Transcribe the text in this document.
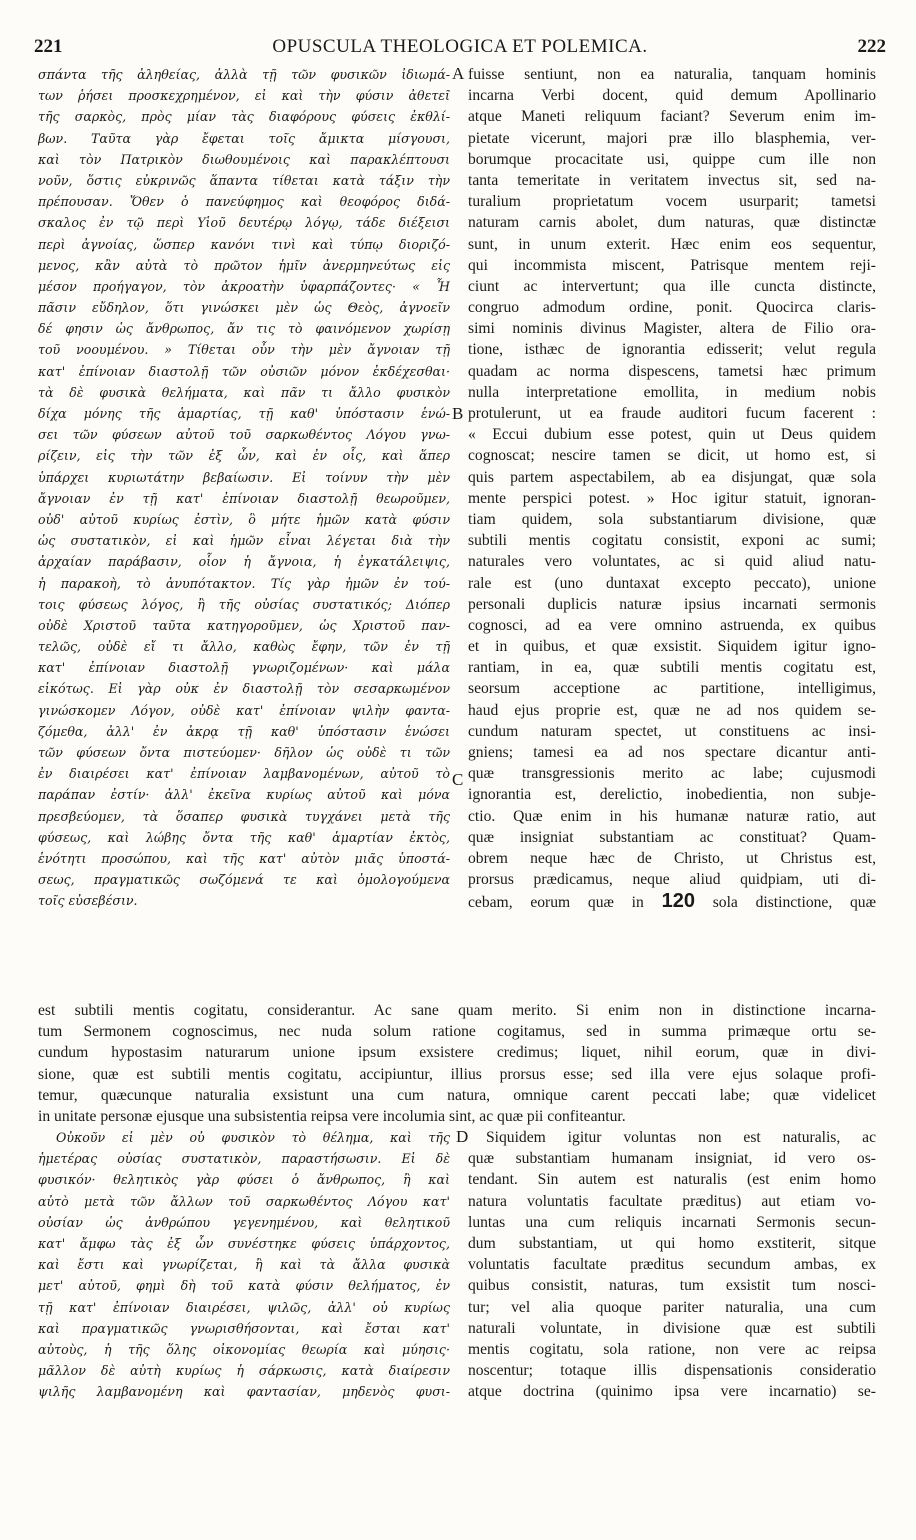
221	OPUSCULA THEOLOGICA ET POLEMICA.	222
A
B
C
D
σπάντα τῆς ἀληθείας, ἀλλὰ τῇ τῶν φυσικῶν ἰδιωμά-
των ῥήσει προσκεχρημένον, εἰ καὶ τὴν φύσιν ἀθετεῖ
τῆς σαρκὸς, πρὸς μίαν τὰς διαφόρους φύσεις ἐκθλί-
βων. Ταῦτα γὰρ ἔφεται τοῖς ἄμικτα μίσγουσι,
καὶ τὸν Πατρικὸν διωθουμένοις καὶ παρακλέπτουσι
νοῦν, ὅστις εὐκρινῶς ἅπαντα τίθεται κατὰ τάξιν τὴν
πρέπουσαν. Ὅθεν ὁ πανεύφημος καὶ θεοφόρος διδά-
σκαλος ἐν τῷ περὶ Υἱοῦ δευτέρῳ λόγῳ, τάδε διέξεισι
περὶ ἀγνοίας, ὥσπερ κανόνι τινὶ καὶ τύπῳ διοριζό-
μενος, κἂν αὐτὰ τὸ πρῶτον ἡμῖν ἀνερμηνεύτως εἰς
μέσον προήγαγον, τὸν ἀκροατὴν ὑφαρπάζοντες· « Ἦ
πᾶσιν εὔδηλον, ὅτι γινώσκει μὲν ὡς Θεὸς, ἀγνοεῖν
δέ φησιν ὡς ἄνθρωπος, ἄν τις τὸ φαινόμενον χωρίσῃ
τοῦ νοουμένου. » Τίθεται οὖν τὴν μὲν ἄγνοιαν τῇ
κατ' ἐπίνοιαν διαστολῇ τῶν οὐσιῶν μόνον ἐκδέχεσθαι·
τὰ δὲ φυσικὰ θελήματα, καὶ πᾶν τι ἄλλο φυσικὸν
δίχα μόνης τῆς ἁμαρτίας, τῇ καθ' ὑπόστασιν ἑνώ-
σει τῶν φύσεων αὐτοῦ τοῦ σαρκωθέντος Λόγου γνω-
ρίζειν, εἰς τὴν τῶν ἐξ ὧν, καὶ ἐν οἷς, καὶ ἅπερ
ὑπάρχει κυριωτάτην βεβαίωσιν. Εἰ τοίνυν τὴν μὲν
ἄγνοιαν ἐν τῇ κατ' ἐπίνοιαν διαστολῇ θεωροῦμεν,
οὐδ' αὐτοῦ κυρίως ἐστὶν, ὃ μήτε ἡμῶν κατὰ φύσιν
ὡς συστατικὸν, εἰ καὶ ἡμῶν εἶναι λέγεται διὰ τὴν
ἀρχαίαν παράβασιν, οἷον ἡ ἄγνοια, ἡ ἐγκατάλειψις,
ἡ παρακοὴ, τὸ ἀνυπότακτον. Τίς γὰρ ἡμῶν ἐν τού-
τοις φύσεως λόγος, ἢ τῆς οὐσίας συστατικός; Διόπερ
οὐδὲ Χριστοῦ ταῦτα κατηγοροῦμεν, ὡς Χριστοῦ παν-
τελῶς, οὐδὲ εἴ τι ἄλλο, καθὼς ἔφην, τῶν ἐν τῇ
κατ' ἐπίνοιαν διαστολῇ γνωριζομένων· καὶ μάλα
εἰκότως. Εἰ γὰρ οὐκ ἐν διαστολῇ τὸν σεσαρκωμένον
γινώσκομεν Λόγον, οὐδὲ κατ' ἐπίνοιαν ψιλὴν φαντα-
ζόμεθα, ἀλλ' ἐν ἀκρᾳ τῇ καθ' ὑπόστασιν ἑνώσει
τῶν φύσεων ὄντα πιστεύομεν· δῆλον ὡς οὐδὲ τι τῶν
ἐν διαιρέσει κατ' ἐπίνοιαν λαμβανομένων, αὐτοῦ τὸ
παράπαν ἐστίν· ἀλλ' ἐκεῖνα κυρίως αὐτοῦ καὶ μόνα
πρεσβεύομεν, τὰ ὅσαπερ φυσικὰ τυγχάνει μετὰ τῆς
φύσεως, καὶ λώβης ὄντα τῆς καθ' ἁμαρτίαν ἐκτὸς,
ἑνότητι προσώπου, καὶ τῆς κατ' αὐτὸν μιᾶς ὑποστά-
σεως, πραγματικῶς σωζόμενά τε καὶ ὁμολογούμενα
τοῖς εὐσεβέσιν.
fuisse sentiunt, non ea naturalia, tanquam hominis
incarna Verbi docent, quid demum Apollinario
atque Maneti reliquum faciant? Severum enim im-
pietate vicerunt, majori præ illo blasphemia, ver-
borumque procacitate usi, quippe cum ille non
tanta temeritate in veritatem invectus sit, sed na-
turalium proprietatum vocem usurparit; tametsi
naturam carnis abolet, dum naturas, quæ distinctæ
sunt, in unum exterit. Hæc enim eos sequentur,
qui incommista miscent, Patrisque mentem reji-
ciunt ac intervertunt; qua ille cuncta distincte,
congruo admodum ordine, ponit. Quocirca claris-
simi nominis divinus Magister, altera de Filio ora-
tione, isthæc de ignorantia edisserit; velut regula
quadam ac norma dispescens, tametsi hæc primum
nulla interpretatione emollita, in medium nobis
protulerunt, ut ea fraude auditori fucum facerent :
« Eccui dubium esse potest, quin ut Deus quidem
cognoscat; nescire tamen se dicit, ut homo est, si
quis partem aspectabilem, ab ea disjungat, quæ sola
mente perspici potest. » Hoc igitur statuit, ignoran-
tiam quidem, sola substantiarum divisione, quæ
subtili mentis cogitatu consistit, exponi ac sumi;
naturales vero voluntates, ac si quid aliud natu-
rale est (uno duntaxat excepto peccato), unione
personali duplicis naturæ ipsius incarnati sermonis
cognosci, ad ea vere omnino astruenda, ex quibus
et in quibus, et quæ exsistit. Siquidem igitur igno-
rantiam, in ea, quæ subtili mentis cogitatu est,
seorsum acceptione ac partitione, intelligimus,
haud ejus proprie est, quæ ne ad nos quidem se-
cundum naturam spectet, ut constituens ac insi-
gniens; tamesi ea ad nos spectare dicantur anti-
quæ transgressionis merito ac labe; cujusmodi
ignorantia est, derelictio, inobedientia, non subje-
ctio. Quæ enim in his humanæ naturæ ratio, aut
quæ insigniat substantiam ac constituat? Quam-
obrem neque hæc de Christo, ut Christus est,
prorsus prædicamus, neque aliud quidpiam, uti di-
cebam, eorum quæ in 120 sola distinctione, quæ
est subtili mentis cogitatu, considerantur. Ac sane quam merito. Si enim non in distinctione incarna-
tum Sermonem cognoscimus, nec nuda solum ratione cogitamus, sed in summa primæque ortu se-
cundum hypostasim naturarum unione ipsum exsistere credimus; liquet, nihil eorum, quæ in divi-
sione, quæ est subtili mentis cogitatu, accipiuntur, illius prorsus esse; sed illa vere ejus solaque profi-
temur, quæcunque naturalia exsistunt una cum natura, omnique carent peccati labe; quæ videlicet
in unitate personæ ejusque una subsistentia reipsa vere incolumia sint, ac quæ pii confiteantur.
Οὐκοῦν εἰ μὲν οὐ φυσικὸν τὸ θέλημα, καὶ τῆς
ἡμετέρας οὐσίας συστατικὸν, παραστήσωσιν. Εἰ δὲ
φυσικόν· θελητικὸς γὰρ φύσει ὁ ἄνθρωπος, ἢ καὶ
αὐτὸ μετὰ τῶν ἄλλων τοῦ σαρκωθέντος Λόγου κατ'
οὐσίαν ὡς ἀνθρώπου γεγενημένου, καὶ θελητικοῦ
κατ' ἄμφω τὰς ἐξ ὧν συνέστηκε φύσεις ὑπάρχοντος,
καὶ ἔστι καὶ γνωρίζεται, ἢ καὶ τὰ ἄλλα φυσικὰ
μετ' αὐτοῦ, φημὶ δὴ τοῦ κατὰ φύσιν θελήματος, ἐν
τῇ κατ' ἐπίνοιαν διαιρέσει, ψιλῶς, ἀλλ' οὐ κυρίως
καὶ πραγματικῶς γνωρισθήσονται, καὶ ἔσται κατ'
αὐτοὺς, ἡ τῆς ὅλης οἰκονομίας θεωρία καὶ μύησις·
μᾶλλον δὲ αὐτὴ κυρίως ἡ σάρκωσις, κατὰ διαίρεσιν
ψιλῆς λαμβανομένη καὶ φαντασίαν, μηδενὸς φυσι-
Siquidem igitur voluntas non est naturalis, ac
quæ substantiam humanam insigniat, id vero os-
tendant. Sin autem est naturalis (est enim homo
natura voluntatis facultate præditus) aut etiam vo-
luntas una cum reliquis incarnati Sermonis secun-
dum substantiam, ut qui homo exstiterit, sitque
voluntatis facultate præditus secundum ambas, ex
quibus consistit, naturas, tum exsistit tum nosci-
tur; vel alia quoque pariter naturalia, una cum
naturali voluntate, in divisione quæ est subtili
mentis cogitatu, sola ratione, non vere ac reipsa
noscentur; totaque illis dispensationis consideratio
atque doctrina (quinimo ipsa vere incarnatio) se-
